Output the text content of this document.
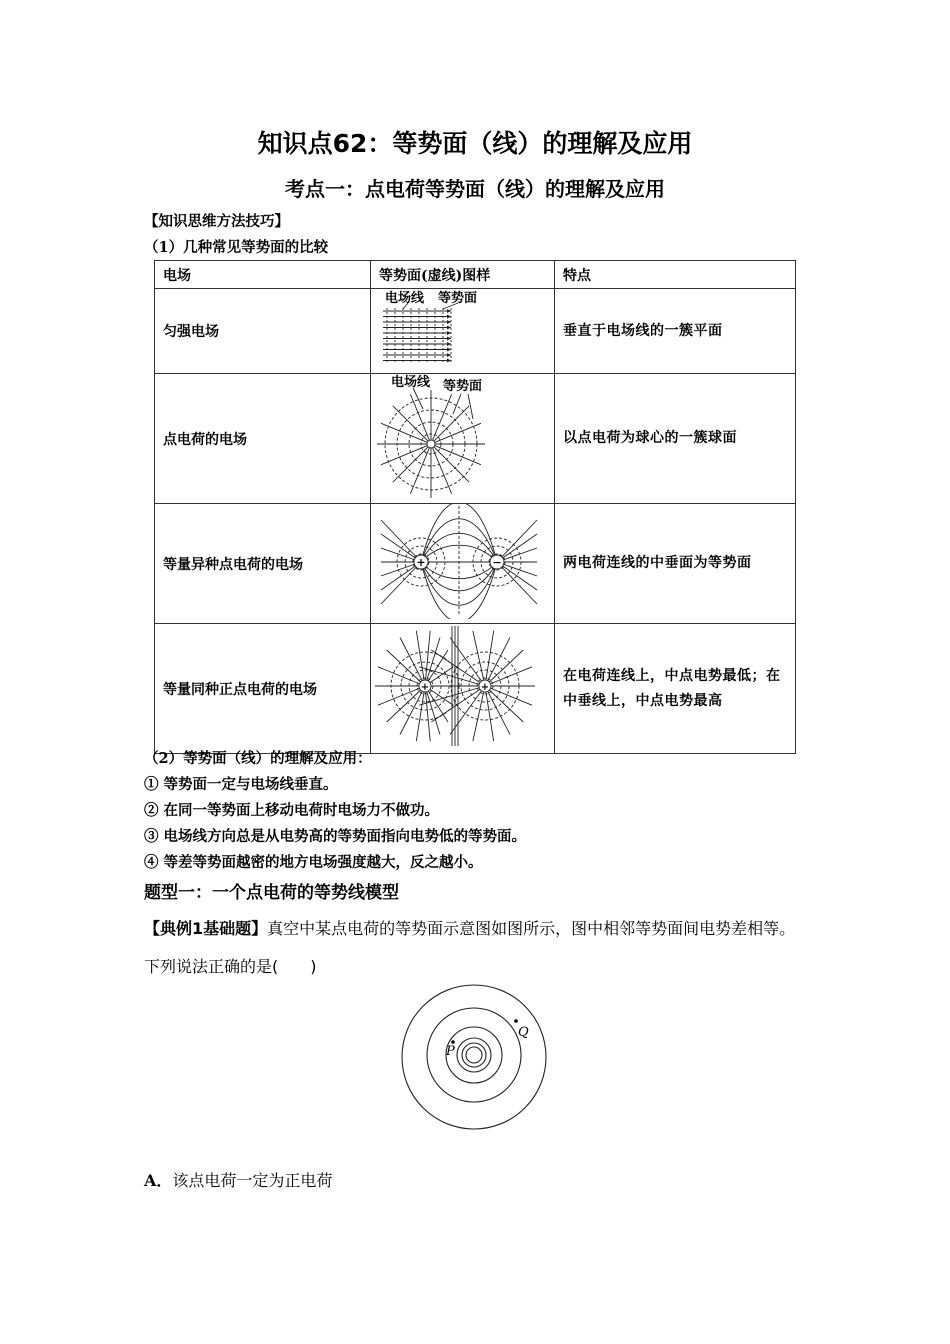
知识点62：等势面（线）的理解及应用
考点一：点电荷等势面（线）的理解及应用
【知识思维方法技巧】
（1）几种常见等势面的比较
电场	等势面(虚线)图样	特点
匀强电场	电场线 等势面	垂直于电场线的一簇平面
点电荷的电场	电场线 等势面	以点电荷为球心的一簇球面
等量异种点电荷的电场	+ −	两电荷连线的中垂面为等势面
等量同种正点电荷的电场	+ +	在电荷连线上，中点电势最低；在中垂线上，中点电势最高
（2）等势面（线）的理解及应用：
① 等势面一定与电场线垂直。
② 在同一等势面上移动电荷时电场力不做功。
③ 电场线方向总是从电势高的等势面指向电势低的等势面。
④ 等差等势面越密的地方电场强度越大，反之越小。
题型一：一个点电荷的等势线模型
【典例1基础题】真空中某点电荷的等势面示意图如图所示，图中相邻等势面间电势差相等。下列说法正确的是(　　)
P
Q
A．该点电荷一定为正电荷
